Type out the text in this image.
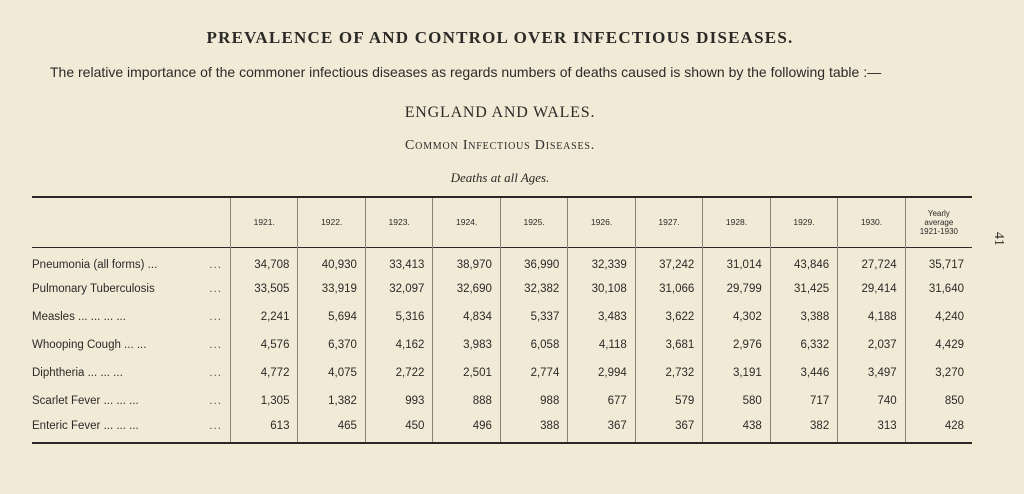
PREVALENCE OF AND CONTROL OVER INFECTIOUS DISEASES.
The relative importance of the commoner infectious diseases as regards numbers of deaths caused is shown by the following table :—
ENGLAND AND WALES.
Common Infectious Diseases.
Deaths at all Ages.
41
	1921.	1922.	1923.	1924.	1925.	1926.	1927.	1928.	1929.	1930.	Yearly
average
1921-1930

Pneumonia (all forms) ... ...	34,708	40,930	33,413	38,970	36,990	32,339	37,242	31,014	43,846	27,724	35,717
Pulmonary Tuberculosis ...	33,505	33,919	32,097	32,690	32,382	30,108	31,066	29,799	31,425	29,414	31,640
Measles ... ... ... ... ...	2,241	5,694	5,316	4,834	5,337	3,483	3,622	4,302	3,388	4,188	4,240
Whooping Cough ... ... ...	4,576	6,370	4,162	3,983	6,058	4,118	3,681	2,976	6,332	2,037	4,429
Diphtheria ... ... ... ...	4,772	4,075	2,722	2,501	2,774	2,994	2,732	3,191	3,446	3,497	3,270
Scarlet Fever ... ... ... ...	1,305	1,382	993	888	988	677	579	580	717	740	850
Enteric Fever ... ... ... ...	613	465	450	496	388	367	367	438	382	313	428
